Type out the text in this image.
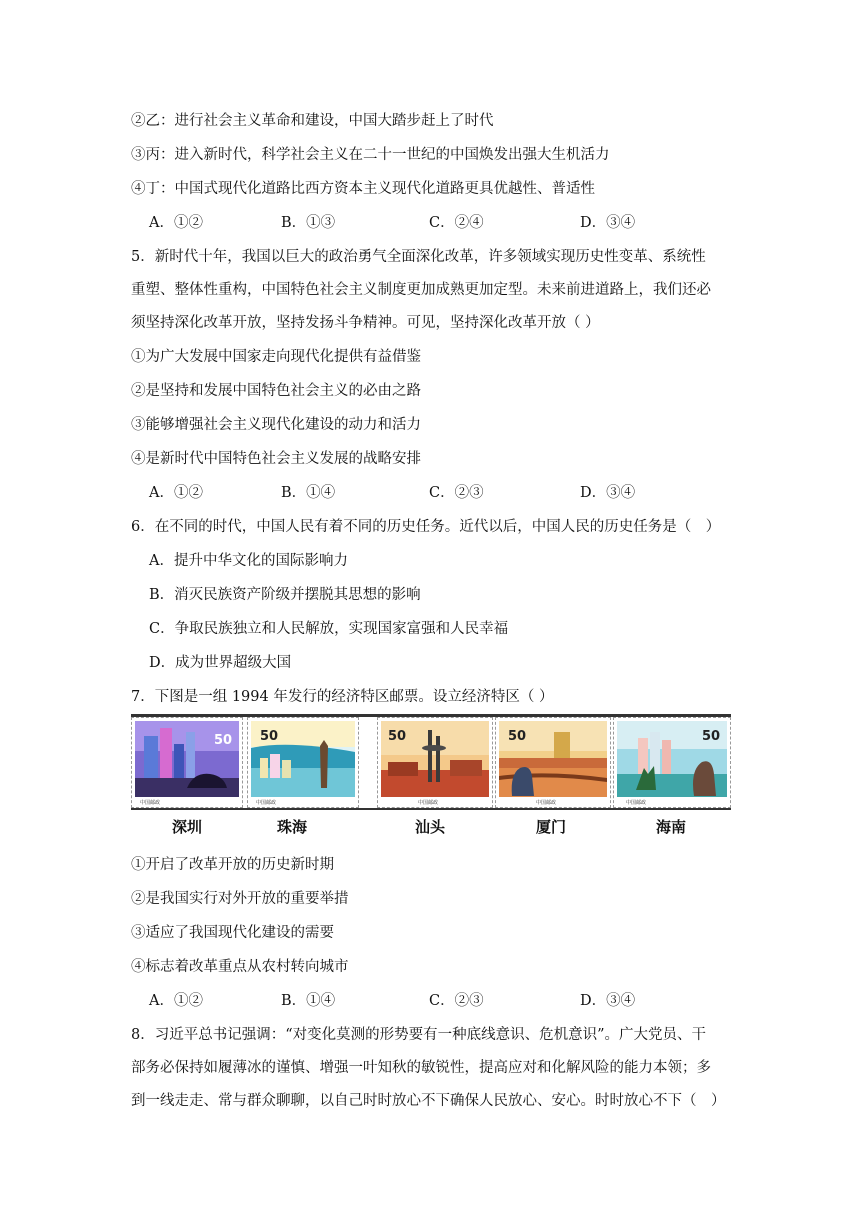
②乙：进行社会主义革命和建设，中国大踏步赶上了时代
③丙：进入新时代，科学社会主义在二十一世纪的中国焕发出强大生机活力
④丁：中国式现代化道路比西方资本主义现代化道路更具优越性、普适性
A．①②	B．①③	C．②④	D．③④
5．新时代十年，我国以巨大的政治勇气全面深化改革，许多领域实现历史性变革、系统性
重塑、整体性重构，中国特色社会主义制度更加成熟更加定型。未来前进道路上，我们还必
须坚持深化改革开放，坚持发扬斗争精神。可见，坚持深化改革开放（ ）
①为广大发展中国家走向现代化提供有益借鉴
②是坚持和发展中国特色社会主义的必由之路
③能够增强社会主义现代化建设的动力和活力
④是新时代中国特色社会主义发展的战略安排
A．①②	B．①④	C．②③	D．③④
6．在不同的时代，中国人民有着不同的历史任务。近代以后，中国人民的历史任务是（　）
A．提升中华文化的国际影响力
B．消灭民族资产阶级并摆脱其思想的影响
C．争取民族独立和人民解放，实现国家富强和人民幸福
D．成为世界超级大国
7．下图是一组 1994 年发行的经济特区邮票。设立经济特区（ ）
50
中国邮政
50
中国邮政
50
中国邮政
50
中国邮政
50
中国邮政
深圳	珠海	汕头	厦门	海南
①开启了改革开放的历史新时期
②是我国实行对外开放的重要举措
③适应了我国现代化建设的需要
④标志着改革重点从农村转向城市
A．①②	B．①④	C．②③	D．③④
8．习近平总书记强调：“对变化莫测的形势要有一种底线意识、危机意识”。广大党员、干
部务必保持如履薄冰的谨慎、增强一叶知秋的敏锐性，提高应对和化解风险的能力本领；多
到一线走走、常与群众聊聊，以自己时时放心不下确保人民放心、安心。时时放心不下（　）
